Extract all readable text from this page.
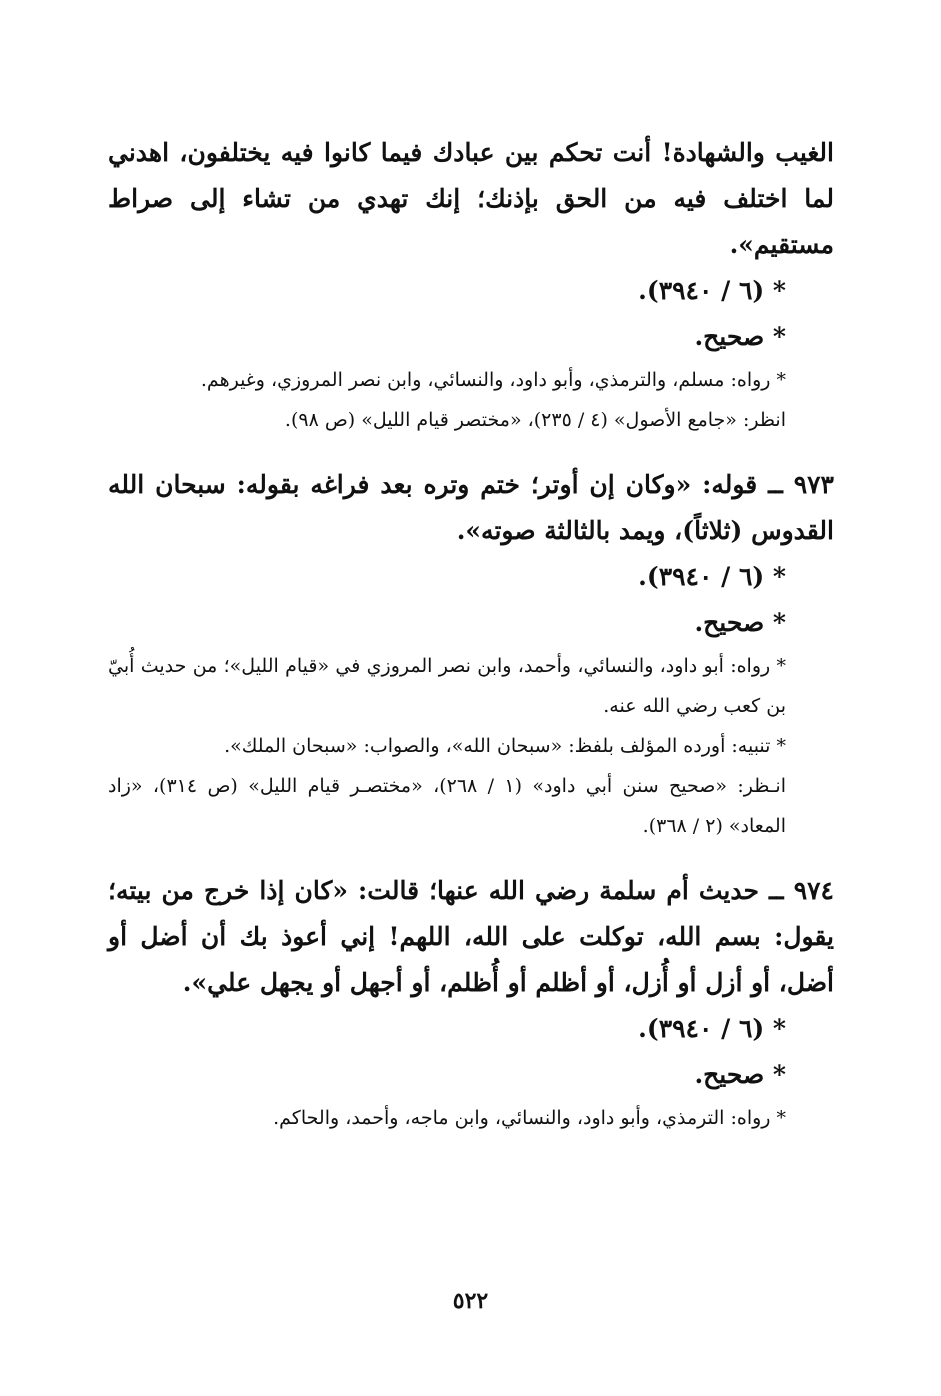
الغيب والشهادة! أنت تحكم بين عبادك فيما كانوا فيه يختلفون، اهدني لما اختلف فيه من الحق بإذنك؛ إنك تهدي من تشاء إلى صراط مستقيم».
* (٦ / ٣٩٤٠).
* صحيح.
* رواه: مسلم، والترمذي، وأبو داود، والنسائي، وابن نصر المروزي، وغيرهم.
انظر: «جامع الأصول» (٤ / ٢٣٥)، «مختصر قيام الليل» (ص ٩٨).
٩٧٣ ــ قوله: «وكان إن أوتر؛ ختم وتره بعد فراغه بقوله: سبحان الله القدوس (ثلاثاً)، ويمد بالثالثة صوته».
* (٦ / ٣٩٤٠).
* صحيح.
* رواه: أبو داود، والنسائي، وأحمد، وابن نصر المروزي في «قيام الليل»؛ من حديث أُبيّ بن كعب رضي الله عنه.
* تنبيه: أورده المؤلف بلفظ: «سبحان الله»، والصواب: «سبحان الملك».
انـظر: «صحيح سنن أبي داود» (١ / ٢٦٨)، «مختصـر قيام الليل» (ص ٣١٤)، «زاد المعاد» (٢ / ٣٦٨).
٩٧٤ ــ حديث أم سلمة رضي الله عنها؛ قالت: «كان إذا خرج من بيته؛ يقول: بسم الله، توكلت على الله، اللهم! إني أعوذ بك أن أضل أو أضل، أو أزل أو أُزل، أو أظلم أو أُظلم، أو أجهل أو يجهل علي».
* (٦ / ٣٩٤٠).
* صحيح.
* رواه: الترمذي، وأبو داود، والنسائي، وابن ماجه، وأحمد، والحاكم.
٥٢٢
